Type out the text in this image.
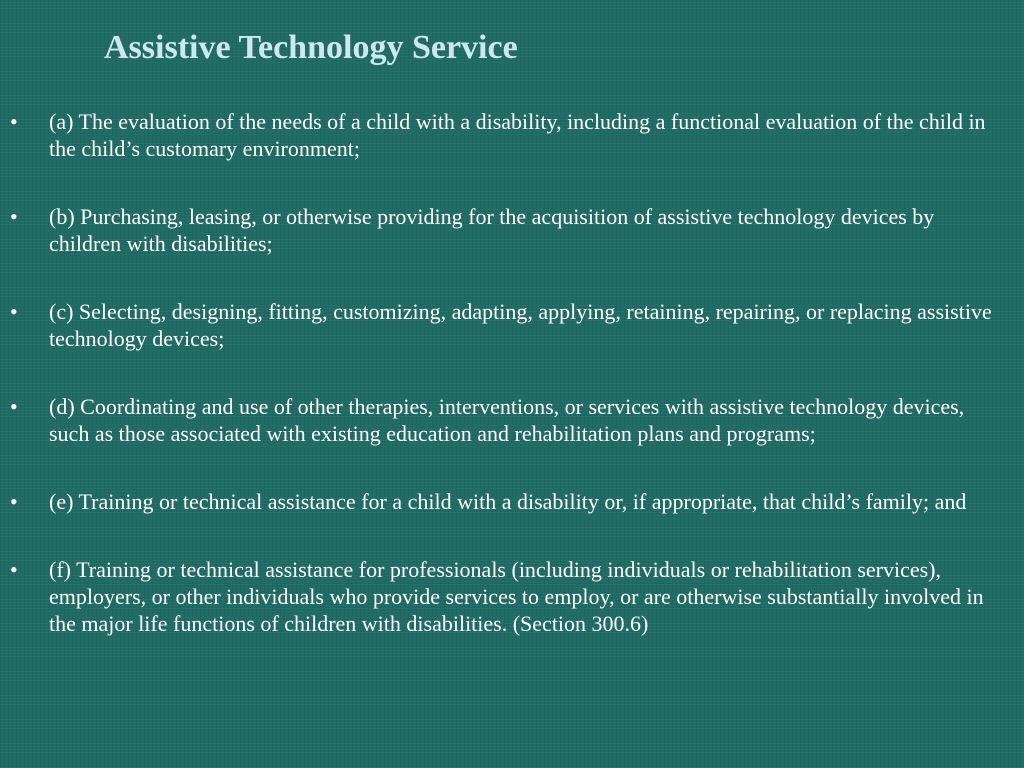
Assistive Technology Service
• (a) The evaluation of the needs of a child with a disability, including a functional evaluation of the child in the child’s customary environment;
• (b) Purchasing, leasing, or otherwise providing for the acquisition of assistive technology devices by children with disabilities;
• (c) Selecting, designing, fitting, customizing, adapting, applying, retaining, repairing, or replacing assistive technology devices;
• (d) Coordinating and use of other therapies, interventions, or services with assistive technology devices, such as those associated with existing education and rehabilitation plans and programs;
• (e) Training or technical assistance for a child with a disability or, if appropriate, that child’s family; and
• (f) Training or technical assistance for professionals (including individuals or rehabilitation services), employers, or other individuals who provide services to employ, or are otherwise substantially involved in the major life functions of children with disabilities. (Section 300.6)
